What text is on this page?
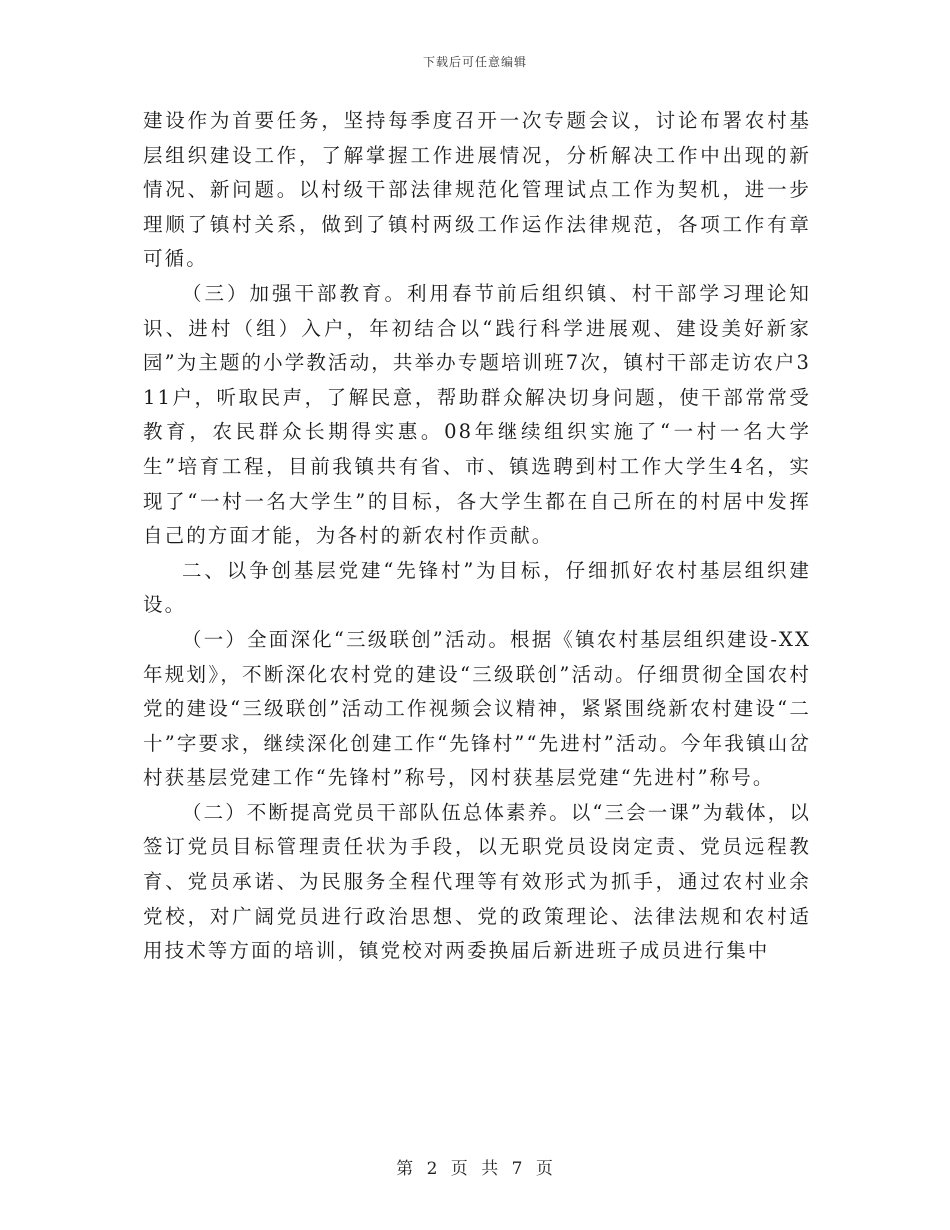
下载后可任意编辑

建设作为首要任务，坚持每季度召开一次专题会议，讨论布署农村基层组织建设工作，了解掌握工作进展情况，分析解决工作中出现的新情况、新问题。以村级干部法律规范化管理试点工作为契机，进一步理顺了镇村关系，做到了镇村两级工作运作法律规范，各项工作有章可循。

（三）加强干部教育。利用春节前后组织镇、村干部学习理论知识、进村（组）入户，年初结合以“践行科学进展观、建设美好新家园”为主题的小学教活动，共举办专题培训班7次，镇村干部走访农户311户，听取民声，了解民意，帮助群众解决切身问题，使干部常常受教育，农民群众长期得实惠。08年继续组织实施了“一村一名大学生”培育工程，目前我镇共有省、市、镇选聘到村工作大学生4名，实现了“一村一名大学生”的目标，各大学生都在自己所在的村居中发挥自己的方面才能，为各村的新农村作贡献。

二、以争创基层党建“先锋村”为目标，仔细抓好农村基层组织建设。

（一）全面深化“三级联创”活动。根据《镇农村基层组织建设-XX年规划》，不断深化农村党的建设“三级联创”活动。仔细贯彻全国农村党的建设“三级联创”活动工作视频会议精神，紧紧围绕新农村建设“二十”字要求，继续深化创建工作“先锋村”“先进村”活动。今年我镇山岔村获基层党建工作“先锋村”称号，冈村获基层党建“先进村”称号。

（二）不断提高党员干部队伍总体素养。以“三会一课”为载体，以签订党员目标管理责任状为手段，以无职党员设岗定责、党员远程教育、党员承诺、为民服务全程代理等有效形式为抓手，通过农村业余党校，对广阔党员进行政治思想、党的政策理论、法律法规和农村适用技术等方面的培训，镇党校对两委换届后新进班子成员进行集中

第 2 页 共 7 页
